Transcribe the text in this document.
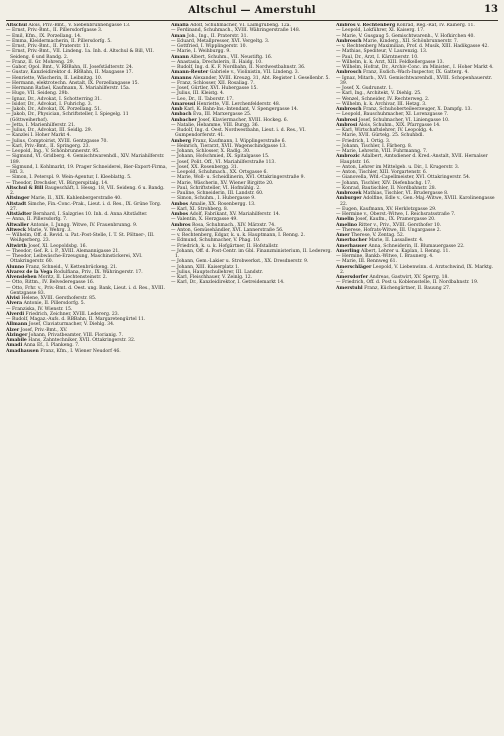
Altschul — Amerstuhl	13

Altschul Alois, Priv.-Bmt., V. Siebenbrunnengasse 13.

— Ernst, Priv.-Bmt., II. Pillersdorfgasse 3.

— Emil, Kfm., IX. Porzellang. 14.

— Emma, Kleidermacherin, II. Pillersdorfg. 5.

— Ernst, Priv.-Bmt., II. Praterstr. 11.

— Ernst, Priv.-Bmt., VII. Lindeng. 1a. Inh. d. Altschul & Bill, VII. Seideng. 6 und Bandg. 2.

— Franz, II. Gr. Mohreng. 29.

— Gabor, Opol. Bmt., V. RBBahn, II. Josefstädterstr. 24.

— Gustav, Kanzleidirektor d. RBBahn, II. Maxgasse 17.

— Henriette, Wäscherin, II. Leibnitzg. 10.

— Hermann, elektrotechn. Anstalt, IX. Porzellangasse 15.

— Hermann Rafael, Kaufmann, X. Mariahilferstr. 15a.

— Hugo, VII. Seideng. 29b.

— Ignaz, Dr., Advokat, I. Schotterring 31.

— Isidor, Dr., Advokat, I. Fuhrichg. 3.

— Jakob, Dr., Advokat, IX. Porzellang. 51.

— Jakob, Dr., Physician, Schriftsteller, I. Spiegelg. 11 (Göttweiherhof).

— Jetta, I. Marienhilferstr. 21.

— Julius, Dr., Advokat, III. Seidlg. 29.

— Kanzlei I. Hoher Markt 4.

— Julius, Comptoirist, XVIII. Gentzgasse 70.

— Karl, Priv.-Bmt., II. Springerg. 23.

— Leopold, Ing., V. Schönbrunnerstr. 95.

— Sigmund, VI. Gridberg. 4. Gemischtwarenhdl., XIV. Mariahilferstr. 189.

— Sigmund, I. Kohlmarkt, 19. Prager Schneiderei, Bier-Export-Firma, Hfl. 3.

— Simon, I. Peterspl. 9. Wein-Agentur, I. Kleeblattg. 5.

— Theodor, Drechsler, VI. Bürgerspitalg. 14.

Altschul & Bill Baugeschäft, I. Hessg. 18, VII. Seideng. 6 u. Bandg. 2.

Altsinger Marie, II., XIX. Kahlenbergerstraße 40.

Altstadt Simche, Fin.-Conc.-Prak., Lieut. i. d. Res., IX. Grüne Torg. 27.

Altstädter Bernhard, I. Salzgries 10. Inh. d. Anna Altstädter.

— Anna, II. Pillersdorfg. 7.

Altwaller Antonie, I. Jungg. Witwe, IV. Frauenbrunng. 9.

Altweck Marie, V. Wehrg. 3.

— Wilhelm, Off. d. Revid. u. Pat.-Post-Stelle, I. T. St. Pöltner-, III. Weißgerberg. 23.

Altwirth Josef, XI. Leopoldsbg. 16.

— Theodor, Gef. R. i. P., XVIII. Alemannigasse 21.

— Theodor, Leibwäsche-Erzeugung, Maschinstickerei, XVI. Ottakringerstr. 60.

Alunno Franz, Schneid., V. Kettenbrückeng. 21.

Alvarez de la Vega Rodulfiana, Priv., IX. Währingerstr. 17.

Alvensleben Moritz, II. Liechtensteinstr. 2.

— Otto, Rittm., IV. Belvederegasse 16.

— Otto, Frhr. v., Priv.-Bmt. d. Oest. ung. Bank, Lieut. i. d. Res., XVIII. Gentzgasse 83.

Alvisi Helene, XVIII. Gersthoferstr. 85.

Alvera Antonie, II. Pillersdorfg. 5.

— Franziska, IV. Wienstr. 15.

Alverdi Friedrich, Zeichner, XVIII. Ledererg. 23.

— Rudolf, Magaz.-Aufs. d. RBBahn, II. Margaretengürtel 11.

Allmann Josef, Claviaturmacher, V. Diehlg. 34.

Alzer Josef, Priv.-Bmt., XV.

Alzinger Johann, Privatbeamter, VIII. Florianig. 7.

Amabile Hans, Zahntechniker, XVII. Ottakringerstr. 32.

Amadi Anna Ef., I. Plankeng. 7.

Amadhausen Franz, Kfm., I. Wiener Neudorf 46.

Amalia Adolf, Schuhmacher, VI. Laimgrubeng. 12a.

— Ferdinand, Schuhmach., XVIII. Währingerstraße 148.

Aman Joh., Ing., II. Praterstr. 31.

— Eduard, Metallpresser, XVI. Vergeltg. 3.

— Gottfried, I. Wipplingerstr. 10.

— Marie, I. Weihburgg. 9.

Amann Albert, Schuhm., VII. Neustiftg. 16.

— Anastasia, Drechslerin, II. Haidg. 10.

— Rudolf, Ing. d. K. F. Nordbahn, II. Nordwestbahnstr. 36.

Amann-Reuter Gabriele v., Violinistin, VII. Lindeng. 3.

Amanns Alexander, XVIII. Kreuzg. 31, Abt. Register I. Gesellenbr. 5.

— Franz, Schlosser, XII. Rosaliag. 7.

— Josef, Gürtler, XVI. Hubergasse 15.

— Julius, III. Kleistg. 4.

— Leo, Dr., II. Taborstr. 17.

Amarousi Henriette, VII. Lerchenfelderstr. 48.

Amb Karl, K. Bahn-Ins.-Intendant, V. Spengergasse 14.

Ambach Eva, III. Marxergasse 25.

Ambacher Josef, Klaviermacher, XVIII. Hockeg. 6.

— Natalie, Hebamme, VIII. Burgg. 36.

— Rudolf, Ing. d. Oest. Nordwestbahn, Lieut. i. d. Res., VI. Gumpendorferstr. 41.

Amberg Franz, Kaufmann, I. Wipplingerstraße 6.

— Heinrich, Tierarzt, XVII. Wagenschindgasse 13.

— Johann, Schlosser, X. Radlg. 30.

— Johann, Hofschmied, IX. Spitalgasse 15.

— Josef, Polit. Off., VI. Mariahilferstraße 113.

— Josef, XX. Rosenbergg. 31.

— Leopold, Schuhmach., XX. Ortsgasse 6.

— Marie, Woll- u. Scheidlinerin, XVI. Ottakringerstraße 9.

— Marie, Wäscherin, XV. Wiener Birgitte 20.

— Paul, Schriftsteller, VI. Hofmühlg. 2.

— Pauline, Schneiderin, III. Landstr. 60.

— Simon, Schuhm., I. Hubergasse 9.

Ambos Amalie, XX. Rosenbergg. 13.

— Karl, XI. Strohberg. 8.

Ambos Adolf, Fabrikant, XV. Mariahilferstr. 14.

— Valentin, X. Herzgasse 49.

Ambros Rosa, Schuhmach., XIV. Märzstr. 74.

— Anton, Gemüsehändler, XVI. Lannerstraße 56.

— v. Rechtenberg, Edgar, k. u. k. Hauptmann, I. Renng. 2.

— Edmund, Schuhmacher, V. Phag. 10.

— Friedrich, k. u. k. Hofgärtner, II. Hofstallstr.

— Johann, Off. d. Post-Centr. im Gbl. Finanzministerium, II. Ledererg. 1.

— Johann, Gem.-Lakier u. Strobwerkst., XX. Dresdnerstr. 9.

— Johann, XIII. Kaiserplatz 1.

— Julius, Hauptschullehrer, III. Landstr.

— Karl, Fleischhauer, V. Zeinlg. 12.

— Karl, Dr., Kanzleidirektor, I. Getreidemarkt 14.

Ambros v. Rechtenberg Konrad, Reg.-Rat, IV. Rainerg. 11.

— Leopold, Lokführer, XI. Kaiserg. 17.

— Marie, V. Gusgaug 5. Gemischtwarenh., V. Hofkirchen 40.

Ambrosch Marie, Kinderg., XII. Schönbrunnerstr. 7.

— v. Rechtenberg Maximilian, Prof. d. Musik, XIII. Hadikgasse 42.

— Mathias, Spediteur, V. Laurenzig. 13.

— Paul, Dr., Arzt, I. Kärntnerstr. 10.

— Wilhelm, k. k. Arzt, XIII. Feldkellergasse 13.

— Wilhelm, Hofrat, Dr., Archiv-Conc. im Minister., I. Hoher Markt 4.

Ambrosch Franz, Esdich.-Wach-Inspector, IX. Gatterg. 4.

— Ignaz, Mitarb., XVI. Gemischtwarenhdl., XVIII. Schopenhauerstr. 39.

— Josef, X. Gudrunstr. 1.

— Karl, Ing., Architekt, V. Diehlg. 25.

— Wenzel, Schneider, IV. Rechterweg. 2.

— Wilhelm, k. k. Archivar, III. Hetzg. 3.

Ambrosch Franz, Schuhoberteileerzeuger, X. Dampfg. 13.

— Leopold, Bauschuhmacher, XI. Lorenzgasse 7.

Ambrosi Josef, Schulmacher, VI. Liniengasse 10.

Ambrosi Alois, Schuhm., XIX. Pfarrgasse 14.

— Karl, Wirtschaftslehrer, IV. Leopoldg. 4.

— Marie, XVII. Gürtelg. 25. Schuhbdl.

— Friedrich, I. Ortig. 3.

— Johann, Tischler, I. Färberg. 8.

— Marie, Lehrerin, VIII. Fuhrmanng. 7.

Ambrozic Adalbert, Amtsdiener d. Kred.-Anstalt, XVII. Hernalser Hauptstr. 16.

— Anton, Lehrer im Mittelgeb. u. Dir., I. Krugerstr. 3.

— Anton, Tischler, XIII. Vorgartenstr. 6.

— Gianovella, Wfd.-Capellmeister, XVI. Ottakringerstr. 54.

— Johann, Tischler, XIV. Diefenbachg. 17.

— Konrad, Bautischler, II. Nordbahnstr. 28.

Ambrozek Mathias, Tischler, VI. Brudergasse 8.

Amburger Adolfine, Edle v., Gen.-Maj.-Witwe, XVIII. Karolinengasse 22.

— Eugen, Kaufmann, XV. Herklotzgasse 29.

— Hermine v., Oberst.-Witwe, I. Reichsratsstraße 7.

Amelin Josef, Kaufm., IX. Pramergasse 20.

Amelino Ritter v., Priv., XVIII. Gersthofer 10.

— Therese, Hofrats-Witwe, III. Ungargasse 2.

Amer Therese, V. Zentag. 52.

Amerbacher Marie, II. Lassallestr. 4.

Amerhauser Anna, Schneiderin, II. Blumauergasse 22.

Amerling Albert, Lehrer u. Kaplan, I. Renng. 11.

— Hermine, Bankb.-Witwe, I. Braunerg. 4.

— Marie, III. Rennweg 61.

Amerschläger Leopold, V. Liebenwinn. d. Arztschwind, IX. Marktg. 2.

Amersdorfer Andreas, Gastwirt, XV. Sperrg. 18.

— Friedrich, Off. d. Post u. Koblensstelle, II. Nordbahnstr. 19.

Amerstuhl Franz, Küchengärtner, II. Bauung 27.
